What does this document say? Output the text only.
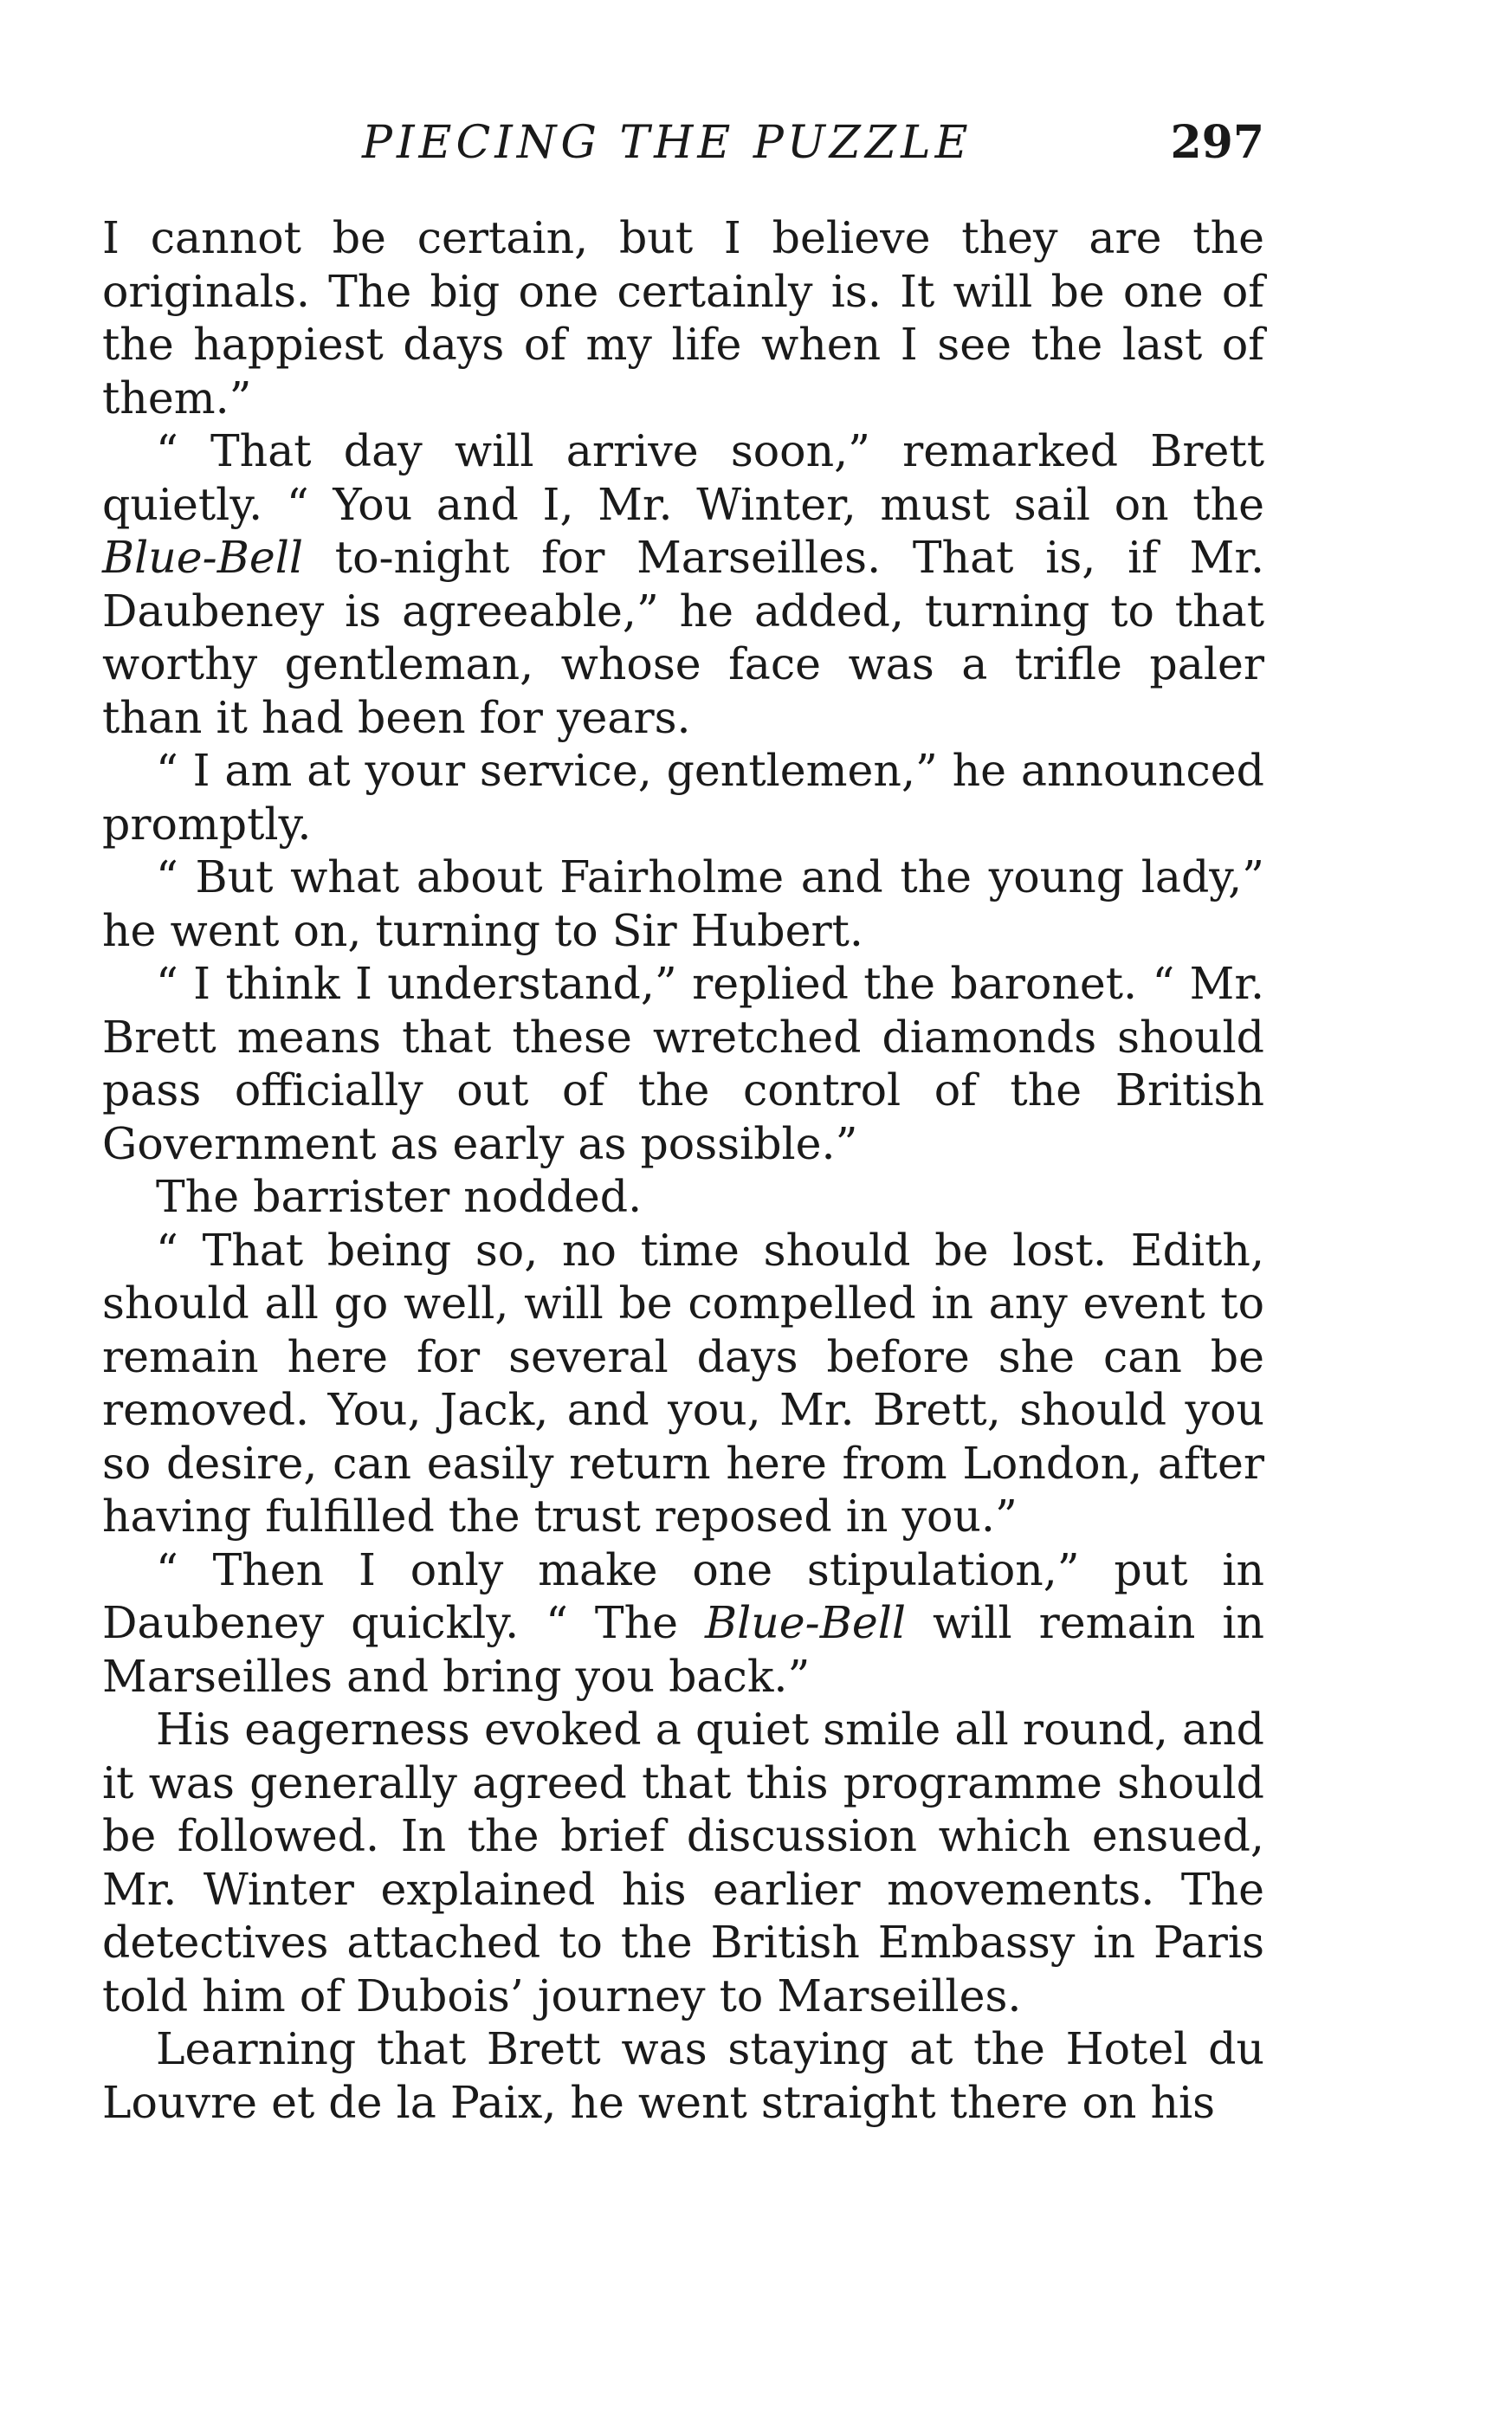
PIECING THE PUZZLE	297

I cannot be certain, but I believe they are the originals. The big one certainly is. It will be one of the happiest days of my life when I see the last of them.”

“ That day will arrive soon,” remarked Brett quietly. “ You and I, Mr. Winter, must sail on the Blue-Bell to-night for Marseilles. That is, if Mr. Daubeney is agreeable,” he added, turning to that worthy gentleman, whose face was a trifle paler than it had been for years.

“ I am at your service, gentlemen,” he announced promptly.

“ But what about Fairholme and the young lady,” he went on, turning to Sir Hubert.

“ I think I understand,” replied the baronet. “ Mr. Brett means that these wretched diamonds should pass officially out of the control of the British Government as early as possible.”

The barrister nodded.

“ That being so, no time should be lost. Edith, should all go well, will be compelled in any event to remain here for several days before she can be removed. You, Jack, and you, Mr. Brett, should you so desire, can easily return here from London, after having fulfilled the trust reposed in you.”

“ Then I only make one stipulation,” put in Daubeney quickly. “ The Blue-Bell will remain in Marseilles and bring you back.”

His eagerness evoked a quiet smile all round, and it was generally agreed that this programme should be followed. In the brief discussion which ensued, Mr. Winter explained his earlier movements. The detectives attached to the British Embassy in Paris told him of Dubois’ journey to Marseilles.

Learning that Brett was staying at the Hotel du Louvre et de la Paix, he went straight there on his
